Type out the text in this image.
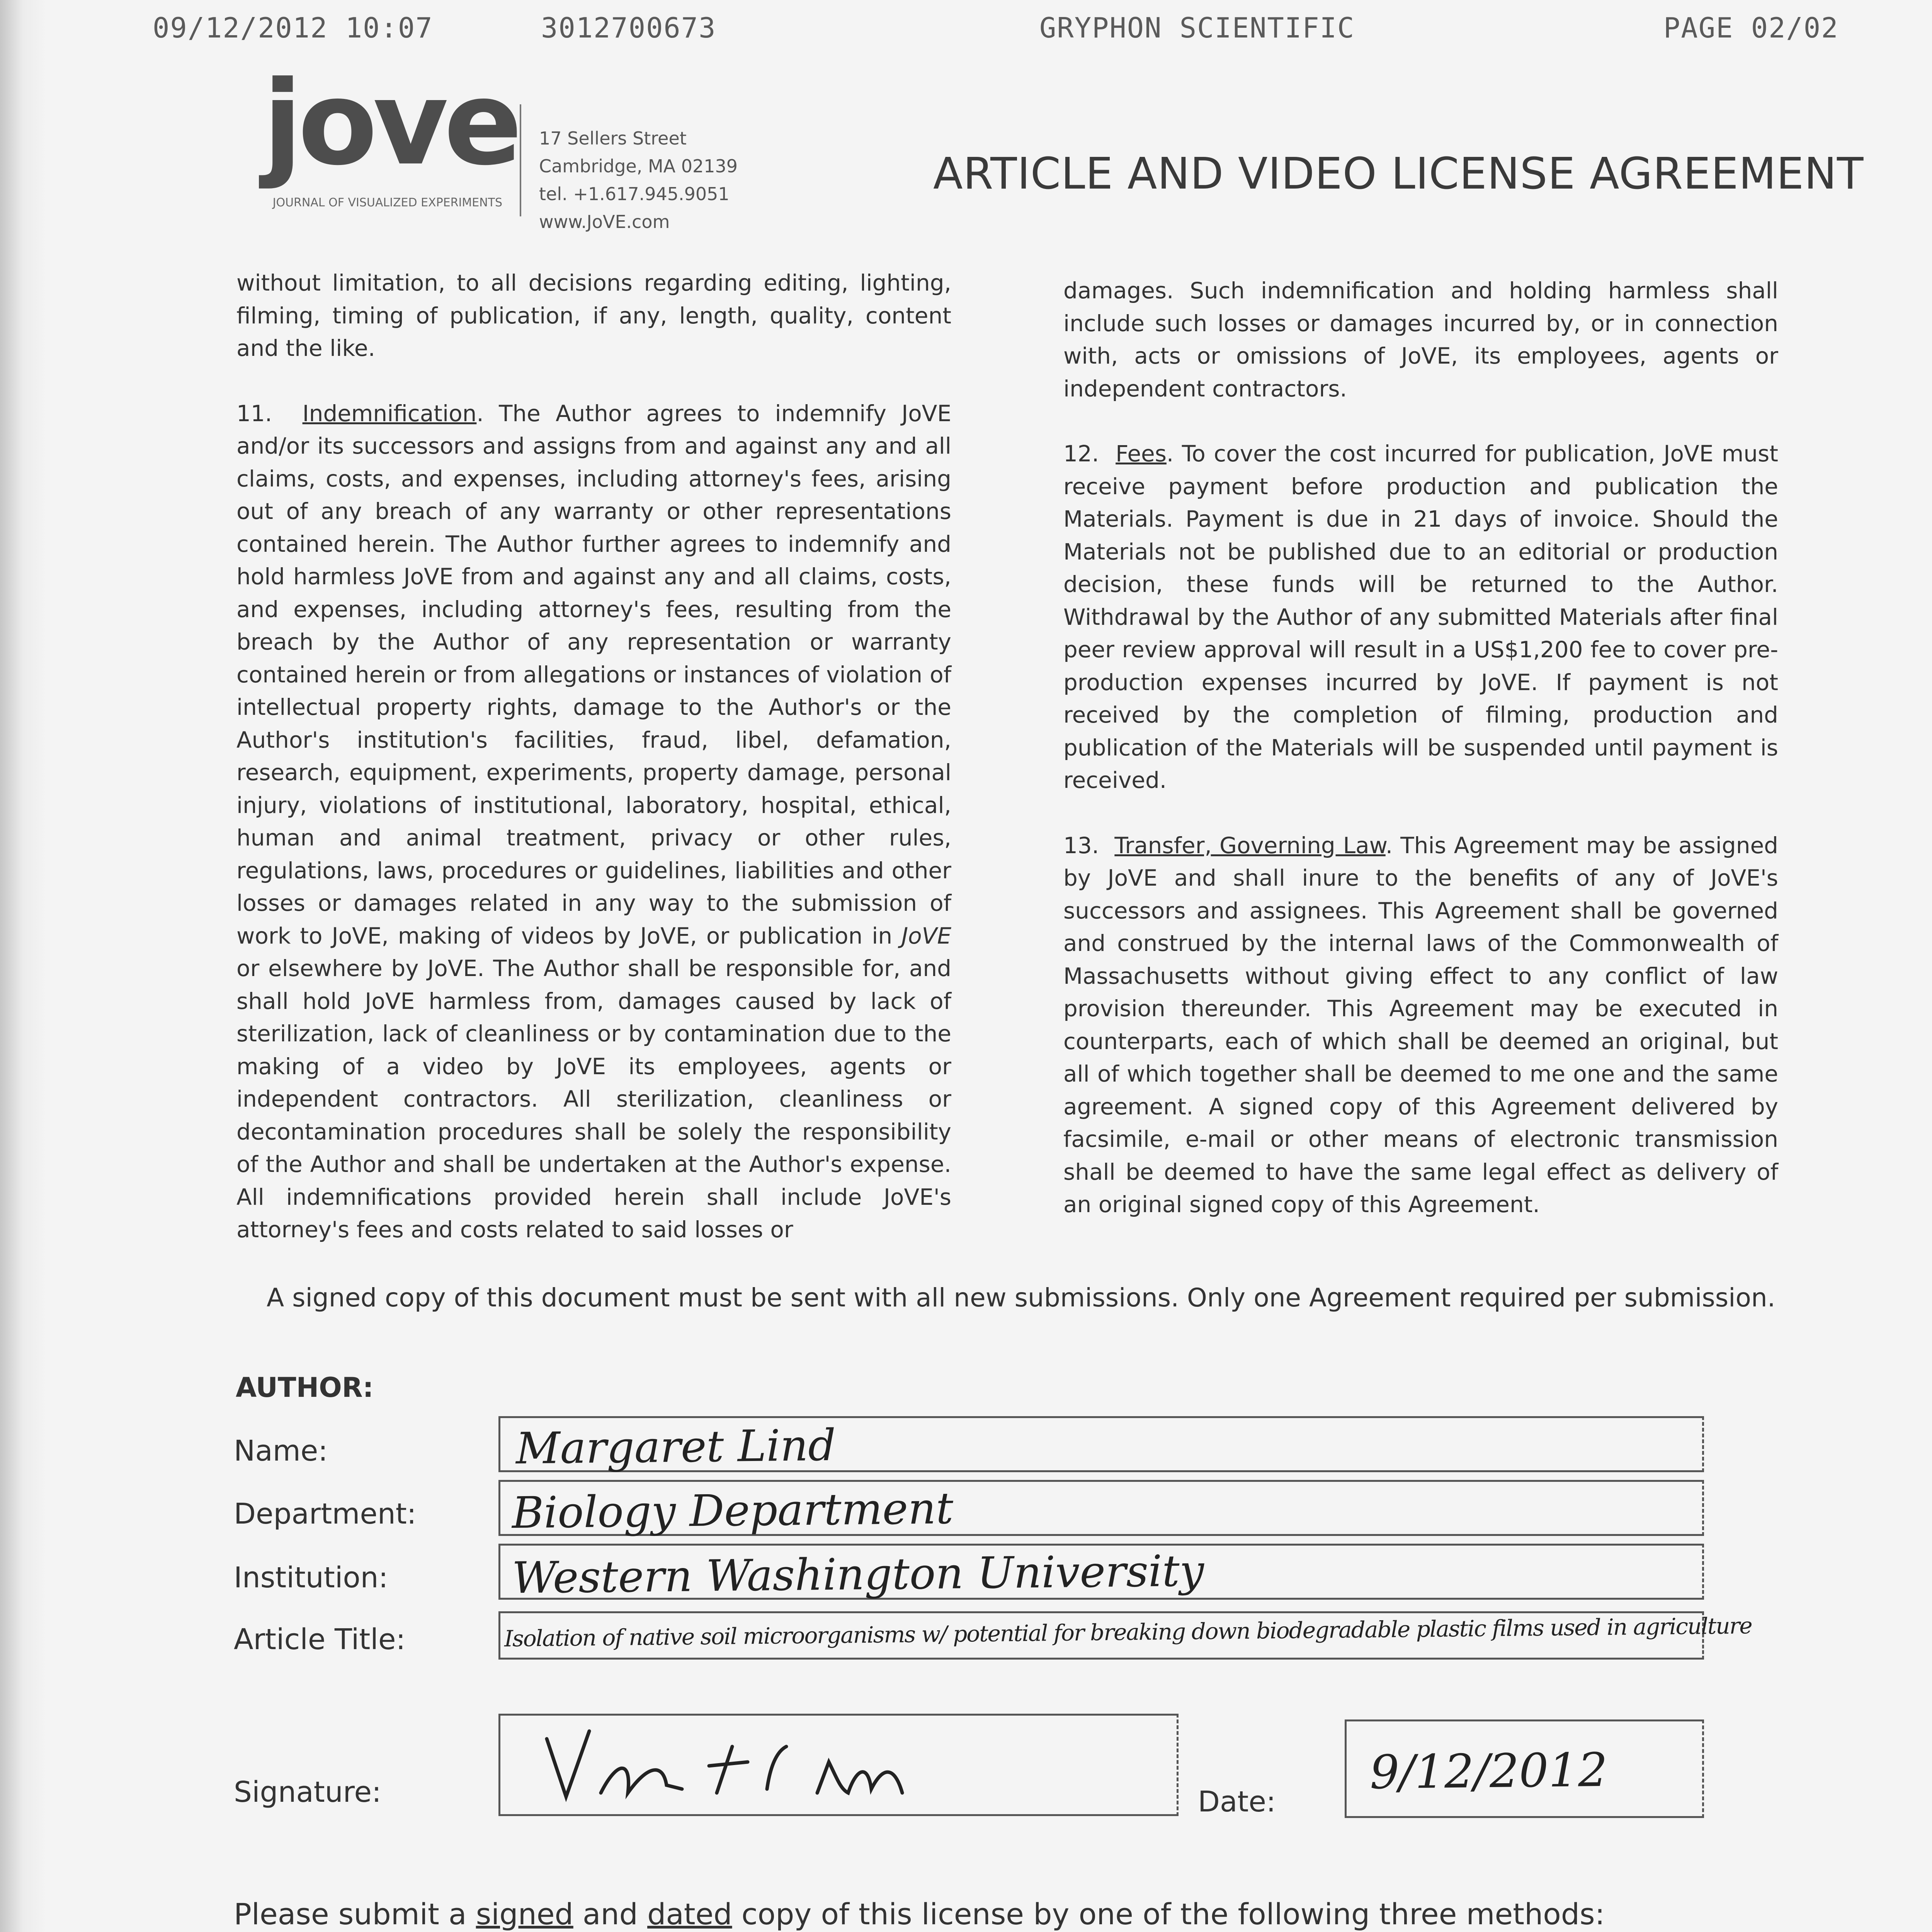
09/12/2012 10:07	3012700673	GRYPHON SCIENTIFIC	PAGE 02/02
jove
JOURNAL OF VISUALIZED EXPERIMENTS
17 Sellers Street
Cambridge, MA 02139
tel. +1.617.945.9051
www.JoVE.com
ARTICLE AND VIDEO LICENSE AGREEMENT

without limitation, to all decisions regarding editing, lighting, filming, timing of publication, if any, length, quality, content and the like.

11. Indemnification. The Author agrees to indemnify JoVE and/or its successors and assigns from and against any and all claims, costs, and expenses, including attorney's fees, arising out of any breach of any warranty or other representations contained herein. The Author further agrees to indemnify and hold harmless JoVE from and against any and all claims, costs, and expenses, including attorney's fees, resulting from the breach by the Author of any representation or warranty contained herein or from allegations or instances of violation of intellectual property rights, damage to the Author's or the Author's institution's facilities, fraud, libel, defamation, research, equipment, experiments, property damage, personal injury, violations of institutional, laboratory, hospital, ethical, human and animal treatment, privacy or other rules, regulations, laws, procedures or guidelines, liabilities and other losses or damages related in any way to the submission of work to JoVE, making of videos by JoVE, or publication in JoVE or elsewhere by JoVE. The Author shall be responsible for, and shall hold JoVE harmless from, damages caused by lack of sterilization, lack of cleanliness or by contamination due to the making of a video by JoVE its employees, agents or independent contractors. All sterilization, cleanliness or decontamination procedures shall be solely the responsibility of the Author and shall be undertaken at the Author's expense. All indemnifications provided herein shall include JoVE's attorney's fees and costs related to said losses or

damages. Such indemnification and holding harmless shall include such losses or damages incurred by, or in connection with, acts or omissions of JoVE, its employees, agents or independent contractors.

12. Fees. To cover the cost incurred for publication, JoVE must receive payment before production and publication the Materials. Payment is due in 21 days of invoice. Should the Materials not be published due to an editorial or production decision, these funds will be returned to the Author. Withdrawal by the Author of any submitted Materials after final peer review approval will result in a US$1,200 fee to cover pre-production expenses incurred by JoVE. If payment is not received by the completion of filming, production and publication of the Materials will be suspended until payment is received.

13. Transfer, Governing Law. This Agreement may be assigned by JoVE and shall inure to the benefits of any of JoVE's successors and assignees. This Agreement shall be governed and construed by the internal laws of the Commonwealth of Massachusetts without giving effect to any conflict of law provision thereunder. This Agreement may be executed in counterparts, each of which shall be deemed an original, but all of which together shall be deemed to me one and the same agreement. A signed copy of this Agreement delivered by facsimile, e-mail or other means of electronic transmission shall be deemed to have the same legal effect as delivery of an original signed copy of this Agreement.

A signed copy of this document must be sent with all new submissions. Only one Agreement required per submission.
AUTHOR:
Name:	Margaret Lind
Department: Biology Department
Institution:	Western Washington University
Article Title:	Isolation of native soil microorganisms w/ potential for breaking down biodegradable plastic films used in agriculture
Signature:	Date:
9/12/2012
Please submit a signed and dated copy of this license by one of the following three methods:
